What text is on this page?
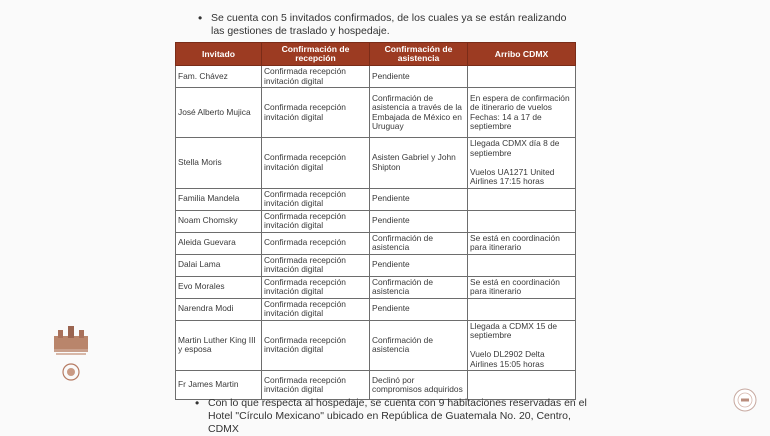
• Se cuenta con 5 invitados confirmados, de los cuales ya se están realizando las gestiones de traslado y hospedaje.
Invitado	Confirmación de recepción	Confirmación de asistencia	Arribo CDMX
Fam. Chávez	Confirmada recepción invitación digital	Pendiente	
José Alberto Mujica	Confirmada recepción invitación digital	Confirmación de asistencia a través de la Embajada de México en Uruguay	En espera de confirmación de itinerario de vuelos
Fechas: 14 a 17 de septiembre
Stella Moris	Confirmada recepción invitación digital	Asisten Gabriel y John Shipton	Llegada CDMX día 8 de septiembre

Vuelos UA1271 United Airlines 17:15 horas
Familia Mandela	Confirmada recepción invitación digital	Pendiente	
Noam Chomsky	Confirmada recepción invitación digital	Pendiente	
Aleida Guevara	Confirmada recepción	Confirmación de asistencia	Se está en coordinación para itinerario
Dalai Lama	Confirmada recepción invitación digital	Pendiente	
Evo Morales	Confirmada recepción invitación digital	Confirmación de asistencia	Se está en coordinación para itinerario
Narendra Modi	Confirmada recepción invitación digital	Pendiente	
Martin Luther King III y esposa	Confirmada recepción invitación digital	Confirmación de asistencia	Llegada a CDMX 15 de septiembre

Vuelo DL2902 Delta Airlines 15:05 horas
Fr James Martin	Confirmada recepción invitación digital	Declinó por compromisos adquiridos	
• Con lo que respecta al hospedaje, se cuenta con 9 habitaciones reservadas en el Hotel "Círculo Mexicano" ubicado en República de Guatemala No. 20, Centro, CDMX
